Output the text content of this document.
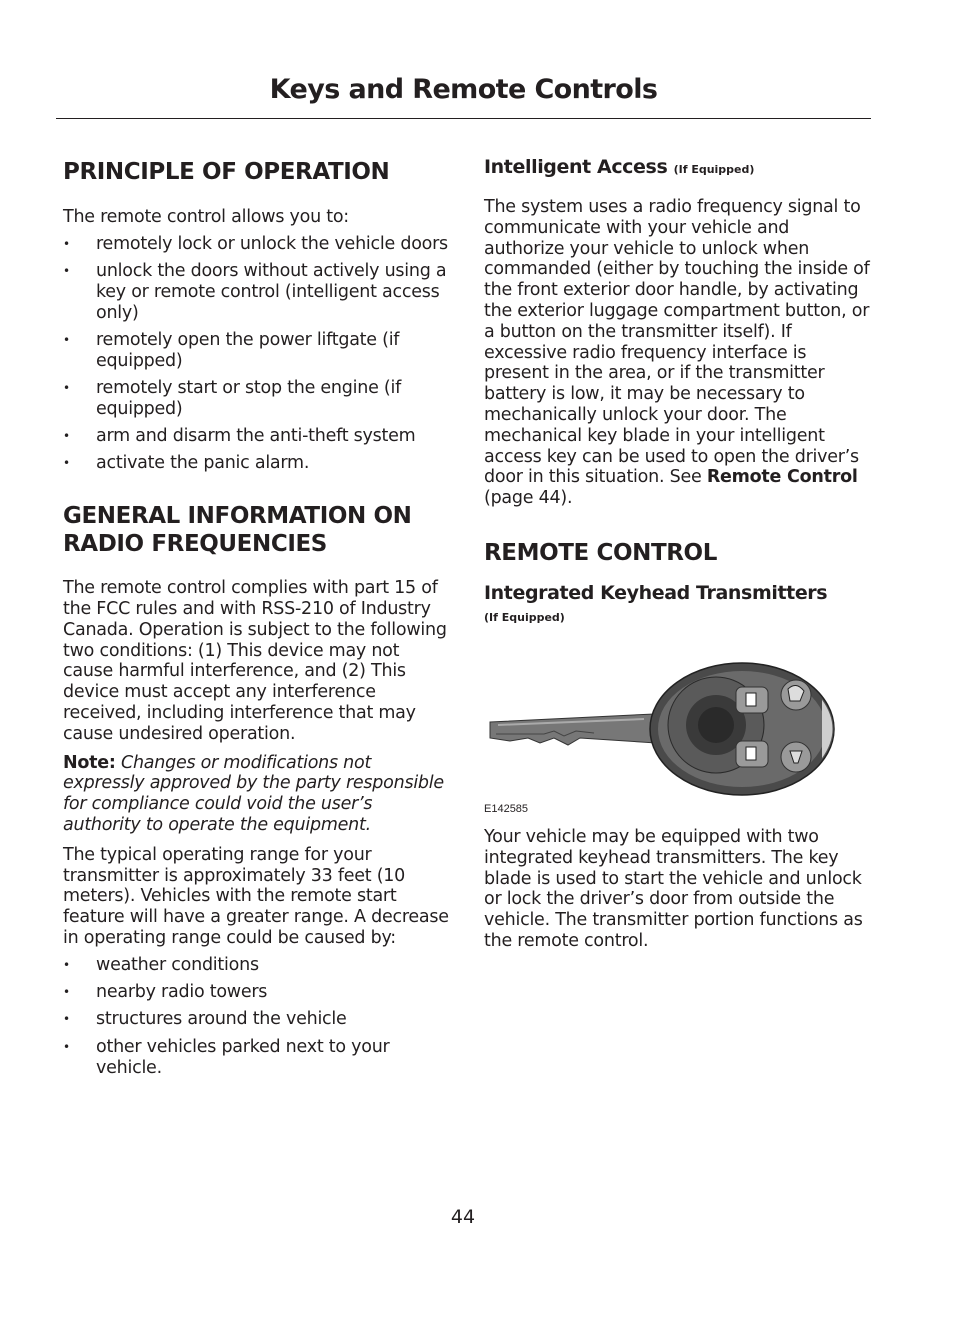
Keys and Remote Controls
PRINCIPLE OF OPERATION

The remote control allows you to:

• remotely lock or unlock the vehicle doors
• unlock the doors without actively using a key or remote control (intelligent access only)
• remotely open the power liftgate (if equipped)
• remotely start or stop the engine (if equipped)
• arm and disarm the anti-theft system
• activate the panic alarm.
GENERAL INFORMATION ON RADIO FREQUENCIES

The remote control complies with part 15 of the FCC rules and with RSS-210 of Industry Canada. Operation is subject to the following two conditions: (1) This device may not cause harmful interference, and (2) This device must accept any interference received, including interference that may cause undesired operation.

Note: Changes or modifications not expressly approved by the party responsible for compliance could void the user’s authority to operate the equipment.

The typical operating range for your transmitter is approximately 33 feet (10 meters). Vehicles with the remote start feature will have a greater range. A decrease in operating range could be caused by:

• weather conditions
• nearby radio towers
• structures around the vehicle
• other vehicles parked next to your vehicle.
Intelligent Access (If Equipped)

The system uses a radio frequency signal to communicate with your vehicle and authorize your vehicle to unlock when commanded (either by touching the inside of the front exterior door handle, by activating the exterior luggage compartment button, or a button on the transmitter itself). If excessive radio frequency interface is present in the area, or if the transmitter battery is low, it may be necessary to mechanically unlock your door. The mechanical key blade in your intelligent access key can be used to open the driver’s door in this situation. See Remote Control (page 44).

REMOTE CONTROL
Integrated Keyhead Transmitters
(If Equipped)
E142585

Your vehicle may be equipped with two integrated keyhead transmitters. The key blade is used to start the vehicle and unlock or lock the driver’s door from outside the vehicle. The transmitter portion functions as the remote control.

44
